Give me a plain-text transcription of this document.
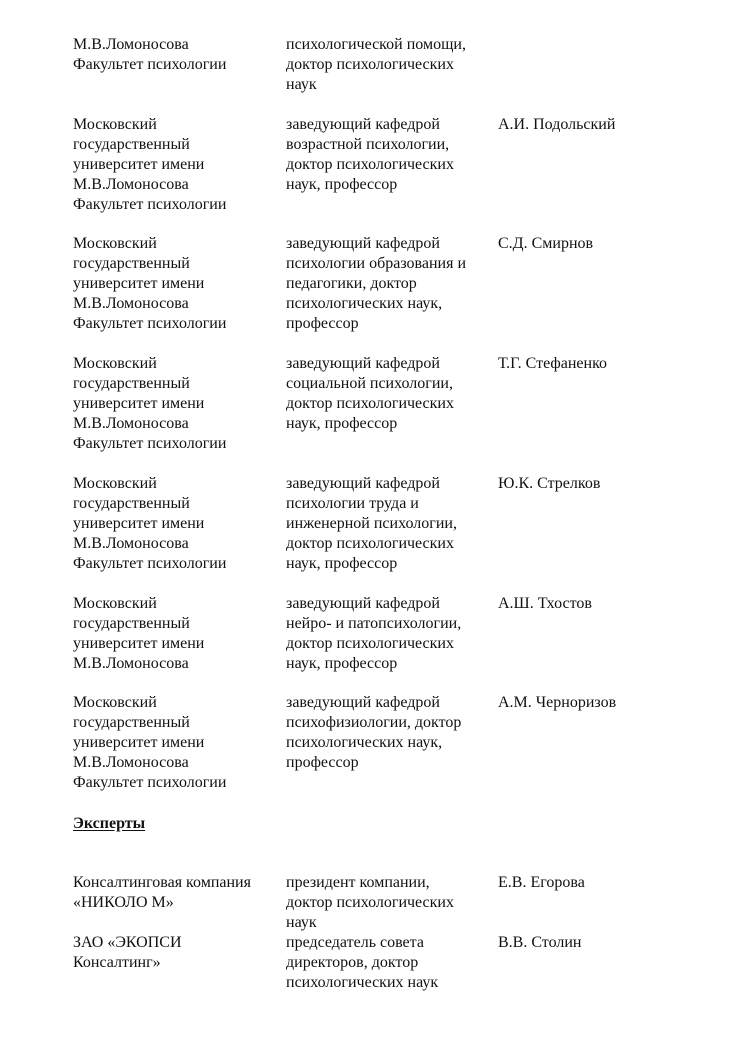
М.В.Ломоносова
Факультет психологии
психологической помощи,
доктор психологических
наук
Московский
государственный
университет имени
М.В.Ломоносова
Факультет психологии
заведующий кафедрой
возрастной психологии,
доктор психологических
наук, профессор
А.И. Подольский
Московский
государственный
университет имени
М.В.Ломоносова
Факультет психологии
заведующий кафедрой
психологии образования и
педагогики, доктор
психологических наук,
профессор
С.Д. Смирнов
Московский
государственный
университет имени
М.В.Ломоносова
Факультет психологии
заведующий кафедрой
социальной психологии,
доктор психологических
наук, профессор
Т.Г. Стефаненко
Московский
государственный
университет имени
М.В.Ломоносова
Факультет психологии
заведующий кафедрой
психологии труда и
инженерной психологии,
доктор психологических
наук, профессор
Ю.К. Стрелков
Московский
государственный
университет имени
М.В.Ломоносова
заведующий кафедрой
нейро- и патопсихологии,
доктор психологических
наук, профессор
А.Ш. Тхостов
Московский
государственный
университет имени
М.В.Ломоносова
Факультет психологии
заведующий кафедрой
психофизиологии, доктор
психологических наук,
профессор
А.М. Черноризов
Эксперты
Консалтинговая компания
«НИКОЛО М»
президент компании,
доктор психологических
наук
Е.В. Егорова
ЗАО «ЭКОПСИ
Консалтинг»
председатель совета
директоров, доктор
психологических наук
В.В. Столин
